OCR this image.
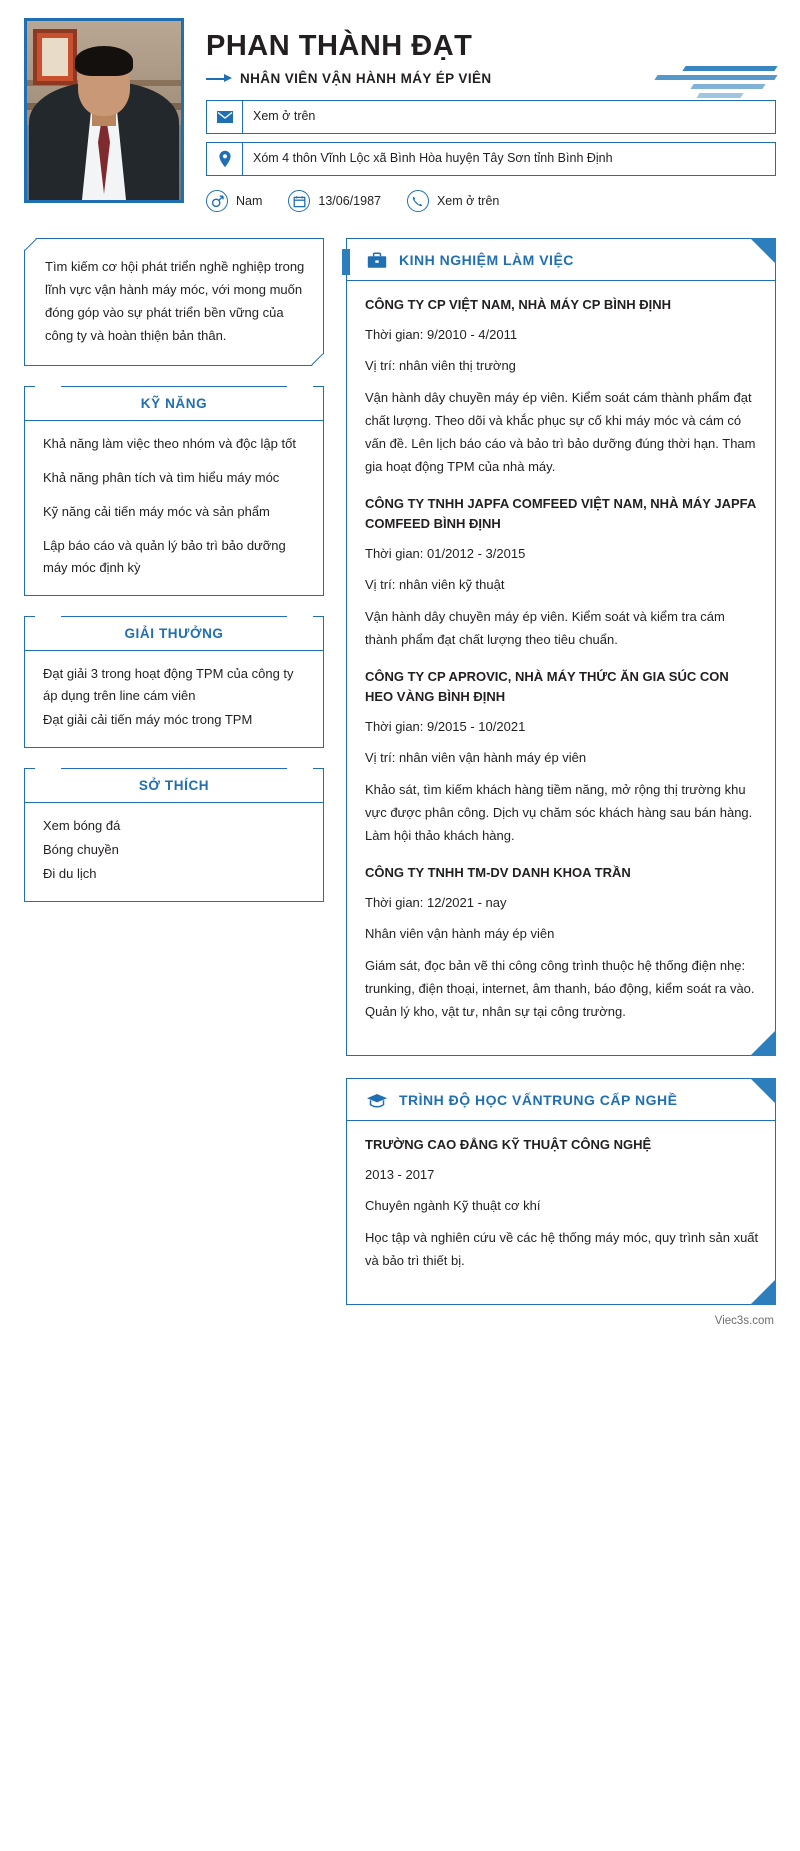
PHAN THÀNH ĐẠT
NHÂN VIÊN VẬN HÀNH MÁY ÉP VIÊN
Xem ở trên
Xóm 4 thôn Vĩnh Lộc xã Bình Hòa huyện Tây Sơn tỉnh Bình Định
Nam	13/06/1987	Xem ở trên
Tìm kiếm cơ hội phát triển nghề nghiệp trong lĩnh vực vận hành máy móc, với mong muốn đóng góp vào sự phát triển bền vững của công ty và hoàn thiện bản thân.
KỸ NĂNG
Khả năng làm việc theo nhóm và độc lập tốt
Khả năng phân tích và tìm hiểu máy móc
Kỹ năng cải tiến máy móc và sản phẩm
Lập báo cáo và quản lý bảo trì bảo dưỡng máy móc định kỳ
GIẢI THƯỞNG

Đạt giải 3 trong hoạt động TPM của công ty áp dụng trên line cám viên

Đạt giải cải tiến máy móc trong TPM

SỞ THÍCH

Xem bóng đá

Bóng chuyền

Đi du lịch

KINH NGHIỆM LÀM VIỆC
CÔNG TY CP VIỆT NAM, NHÀ MÁY CP BÌNH ĐỊNH
Thời gian: 9/2010 - 4/2011
Vị trí: nhân viên thị trường

Vận hành dây chuyền máy ép viên. Kiểm soát cám thành phẩm đạt chất lượng. Theo dõi và khắc phục sự cố khi máy móc và cám có vấn đề. Lên lịch báo cáo và bảo trì bảo dưỡng đúng thời hạn. Tham gia hoạt động TPM của nhà máy.

CÔNG TY TNHH JAPFA COMFEED VIỆT NAM, NHÀ MÁY JAPFA COMFEED BÌNH ĐỊNH
Thời gian: 01/2012 - 3/2015
Vị trí: nhân viên kỹ thuật

Vận hành dây chuyền máy ép viên. Kiểm soát và kiểm tra cám thành phẩm đạt chất lượng theo tiêu chuẩn.

CÔNG TY CP APROVIC, NHÀ MÁY THỨC ĂN GIA SÚC CON HEO VÀNG BÌNH ĐỊNH
Thời gian: 9/2015 - 10/2021
Vị trí: nhân viên vận hành máy ép viên

Khảo sát, tìm kiếm khách hàng tiềm năng, mở rộng thị trường khu vực được phân công. Dịch vụ chăm sóc khách hàng sau bán hàng. Làm hội thảo khách hàng.

CÔNG TY TNHH TM-DV DANH KHOA TRẦN
Thời gian: 12/2021 - nay
Nhân viên vận hành máy ép viên

Giám sát, đọc bản vẽ thi công công trình thuộc hệ thống điện nhẹ: trunking, điện thoại, internet, âm thanh, báo động, kiểm soát ra vào. Quản lý kho, vật tư, nhân sự tại công trường.

TRÌNH ĐỘ HỌC VẤNTRUNG CẤP NGHỀ
TRƯỜNG CAO ĐẲNG KỸ THUẬT CÔNG NGHỆ
2013 - 2017
Chuyên ngành Kỹ thuật cơ khí

Học tập và nghiên cứu về các hệ thống máy móc, quy trình sản xuất và bảo trì thiết bị.

Viec3s.com
